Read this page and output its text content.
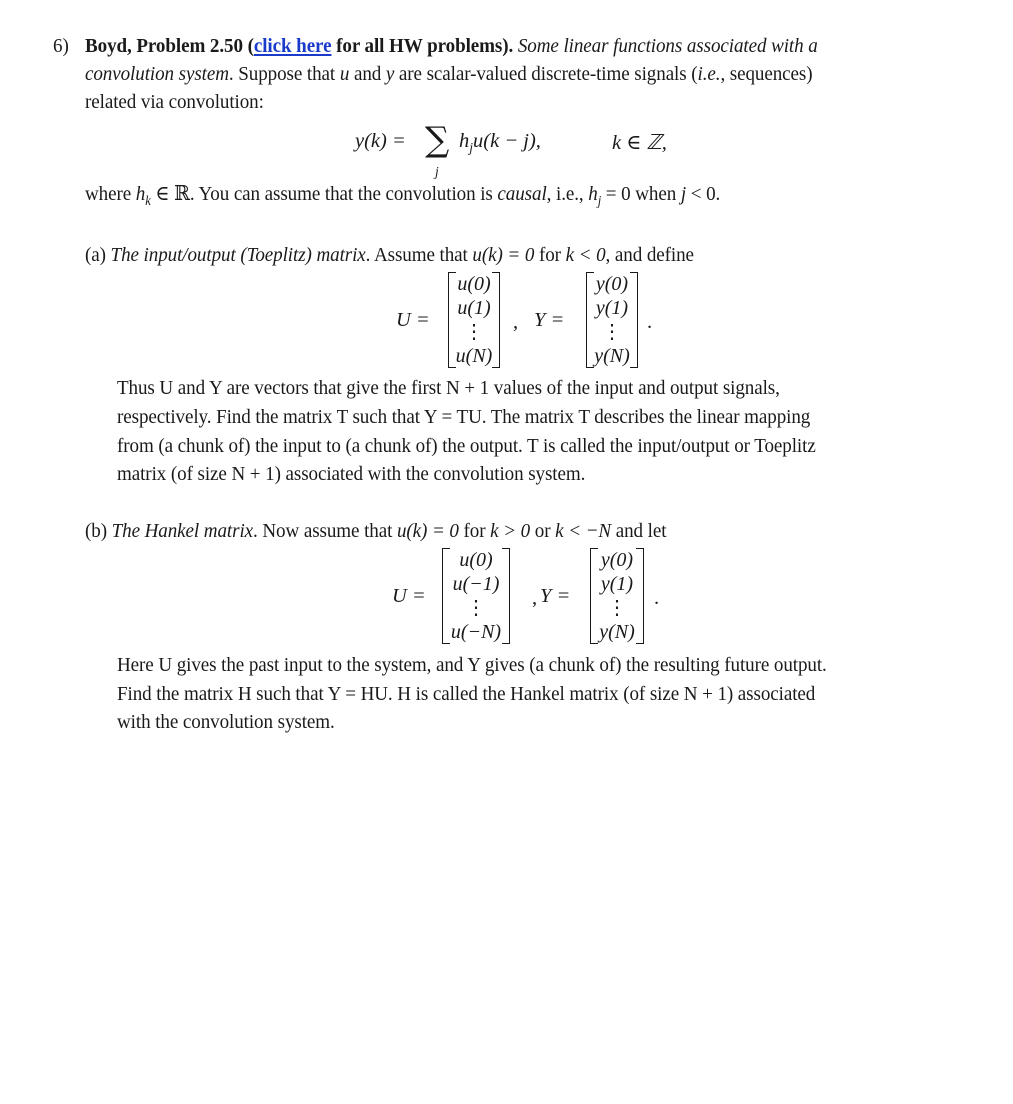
6) Boyd, Problem 2.50 (click here for all HW problems). Some linear functions associated with a
convolution system. Suppose that u and y are scalar-valued discrete-time signals (i.e., sequences)
related via convolution:
y(k) = ∑
j
$h_ju(k - j)$,	k ∈ ℤ,
where $h_k$ ∈ ℝ. You can assume that the convolution is causal, i.e., $h_j = 0$ when j < 0.
(a) The input/output (Toeplitz) matrix. Assume that u(k) = 0 for k < 0, and define
U =
u(0)
u(1)
⋮
u(N)
, Y =
y(0)
y(1)
⋮
y(N)
.
Thus U and Y are vectors that give the first N + 1 values of the input and output signals,
respectively. Find the matrix T such that Y = TU. The matrix T describes the linear mapping
from (a chunk of) the input to (a chunk of) the output. T is called the input/output or Toeplitz
matrix (of size N + 1) associated with the convolution system.
(b) The Hankel matrix. Now assume that u(k) = 0 for k > 0 or k < −N and let
U =
u(0)
u(−1)
⋮
u(−N)
, Y =
y(0)
y(1)
⋮
y(N)
.
Here U gives the past input to the system, and Y gives (a chunk of) the resulting future output.
Find the matrix H such that Y = HU. H is called the Hankel matrix (of size N + 1) associated
with the convolution system.
